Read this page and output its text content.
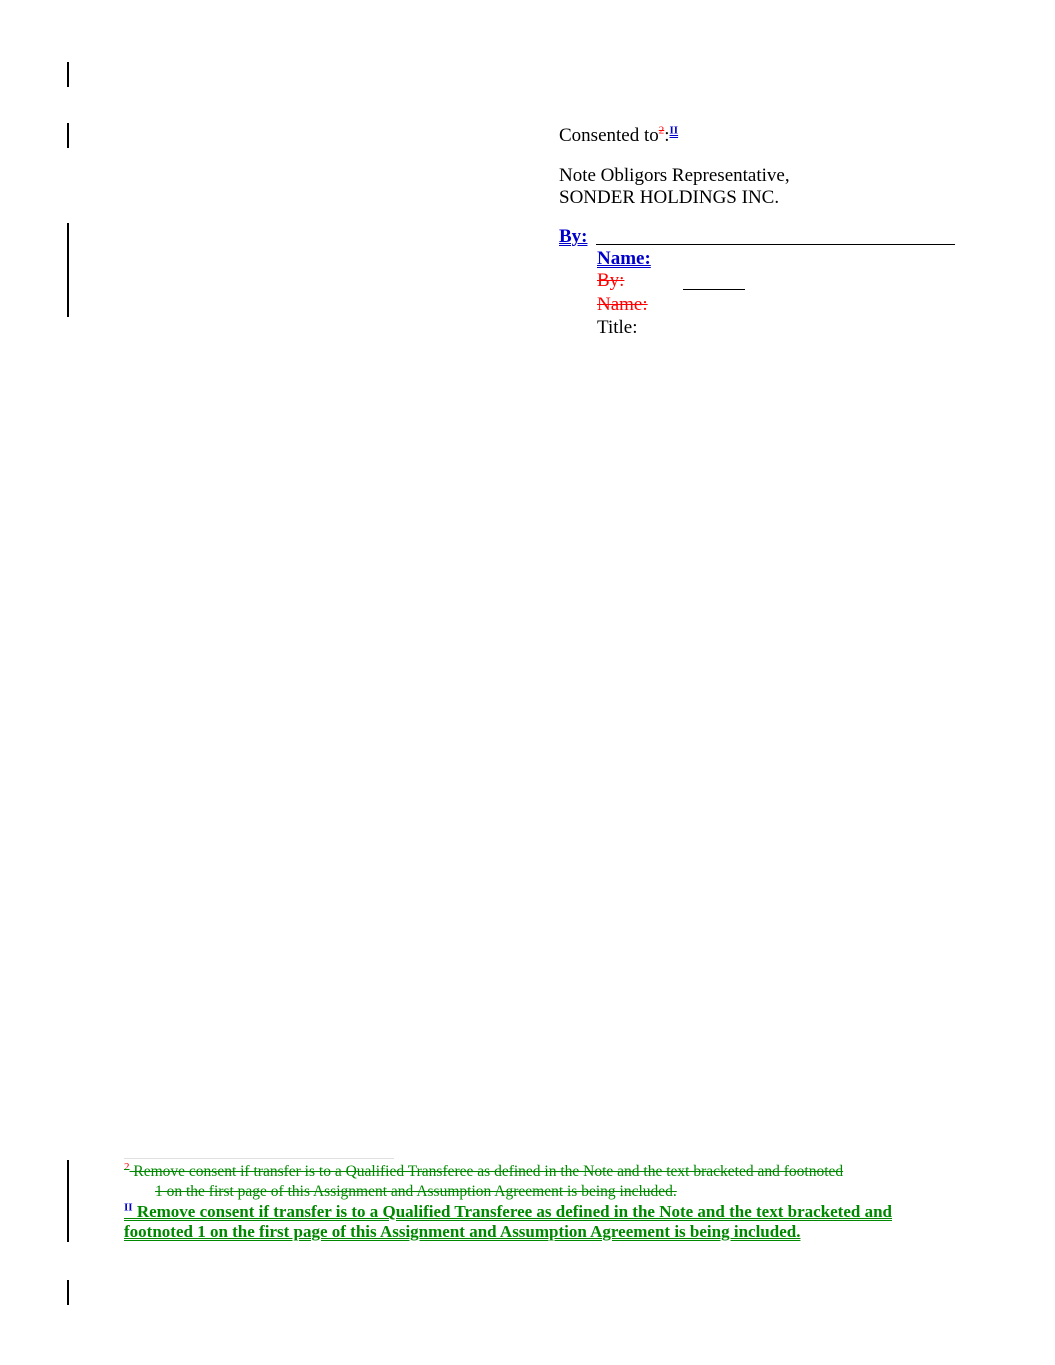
Consented $to^2:^{II}$
Note Obligors Representative,
SONDER HOLDINGS INC.
By:
Name:
By:
Name:
Title:
$^2$ Remove consent if transfer is to a Qualified Transferee as defined in the Note and the text bracketed and footnoted
1 on the first page of this Assignment and Assumption Agreement is being included.
$^{II}$ Remove consent if transfer is to a Qualified Transferee as defined in the Note and the text bracketed and
footnoted 1 on the first page of this Assignment and Assumption Agreement is being included.
